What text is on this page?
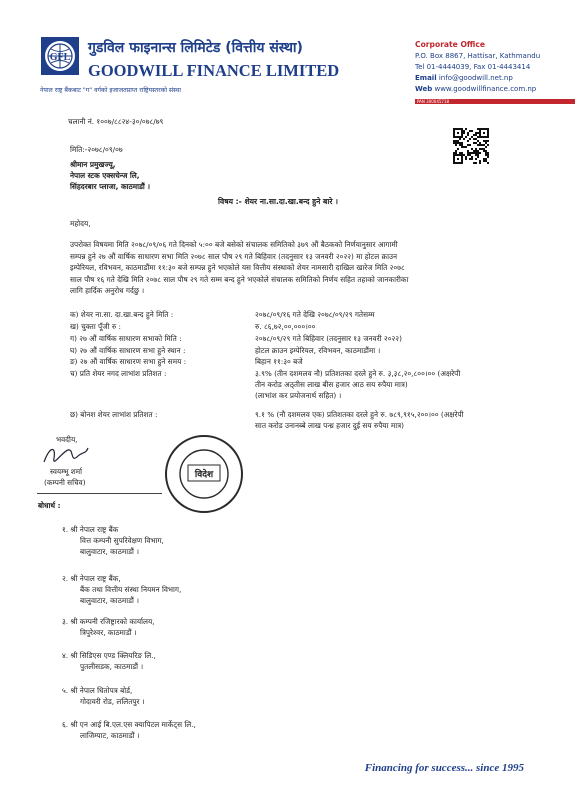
GFL
गुडविल फाइनान्स लिमिटेड (वित्तीय संस्था)
GOODWILL FINANCE LIMITED
नेपाल राष्ट्र बैंकबाट "ग" वर्गको इजाजतप्राप्त राष्ट्रियस्तरको संस्था
Corporate Office
P.O. Box 8867, Hattisar, Kathmandu
Tel 01-4444039, Fax 01-4443414
Email info@goodwill.net.np
Web www.goodwillfinance.com.np
PAN 300045718
चलानी नं. १००७/८८२४-३०/०७८/७९
मिति:-२०७८/०९/०७
श्रीमान प्रमुखज्यू,
नेपाल स्टक एक्सचेन्ज लि,
सिंहदरबार प्लाजा, काठमाडौं ।
विषय :- शेयर ना.सा.दा.खा.बन्द हुने बारे ।
महोदय,
उपरोक्त विषयमा मिति २०७८/०९/०६ गते दिनको ५:०० बजे बसेको संचालक समितिको ३७९ औं बैठकको निर्णयानुसार आगामी
सम्पन्न हुने २७ औं वार्षिक साधारण सभा मिति २०७८ साल पौष २९ गते बिहिवार (तदनुसार १३ जनवरी २०२२) मा होटल क्राउन
इम्पेरियल, रविभवन, काठमाडौंमा ११:३० बजे सम्पन्न हुने भएकोले यस वित्तीय संस्थाको शेयर नामसारी दाखिल खारेज मिति २०७८
साल पौष १६ गते देखि मिति २०७८ साल पौष २९ गते सम्म बन्द हुने भएकोले संचालक समितिको निर्णय सहित तहाको जानकारीका
लागि हार्दिक अनुरोध गर्दछु ।
क) शेयर ना.सा. दा.खा.बन्द हुने मिति :	२०७८/०९/१६ गते देखि २०७८/०९/२९ गतेसम्म
ख) चुक्ता पूँजी रु :	रु. ८६,७२,००,०००।००
ग) २७ औं वार्षिक साधारण सभाको मिति :	२०७८/०९/२९ गते बिहिवार (तदनुसार १३ जनवरी २०२२)
घ) २७ औं वार्षिक साधारण सभा हुने स्थान :	होटल क्राउन इम्पेरियल, रविभवन, काठमाडौंमा ।
ङ) २७ औं वार्षिक साधारण सभा हुने समय :	बिहान ११:३० बजे
च) प्रति शेयर नगद लाभांश प्रतिशत :	३.९% (तीन दशमलव नौ) प्रतिशतका दरले हुने रु. ३,३८,२०,८००।०० (अक्षरेपी
तीन करोड अठ्तीस लाख बीस हजार आठ सय रुपैया मात्र)
(लाभांश कर प्रयोजनार्थ सहित) ।
छ) बोनश शेयर लाभांश प्रतिशत :	९.१ % (नौ दशमलव एक) प्रतिशतका दरले हुने रु. ७८९,९१५,२००।०० (अक्षरेपी
सात करोड उनानब्बे लाख पन्ध्र हजार दुई सय रुपैया मात्र)
भवदीय,
स्वयम्भू शर्मा
(कम्पनी सचिव)
विदेश
बोधार्थ :
१. श्री नेपाल राष्ट्र बैंक
वित्त कम्पनी सुपरिवेक्षण विभाग,
बालुवाटार, काठमाडौं ।
२. श्री नेपाल राष्ट्र बैंक,
बैंक तथा वित्तीय संस्था नियमन विभाग,
बालुवाटार, काठमाडौं ।
३. श्री कम्पनी रजिष्ट्रारको कार्यालय,
त्रिपुरेश्वर, काठमाडौं ।
४. श्री सिडिएस एण्ड क्लियरिङ लि.,
पुतलीसडक, काठमाडौं ।
५. श्री नेपाल धितोपत्र बोर्ड,
गोदावरी रोड, ललितपुर ।
६. श्री एन आई बि.एल.एस क्यापिटल मार्केट्स लि.,
लाजिम्पाट, काठमाडौं ।
Financing for success... since 1995
